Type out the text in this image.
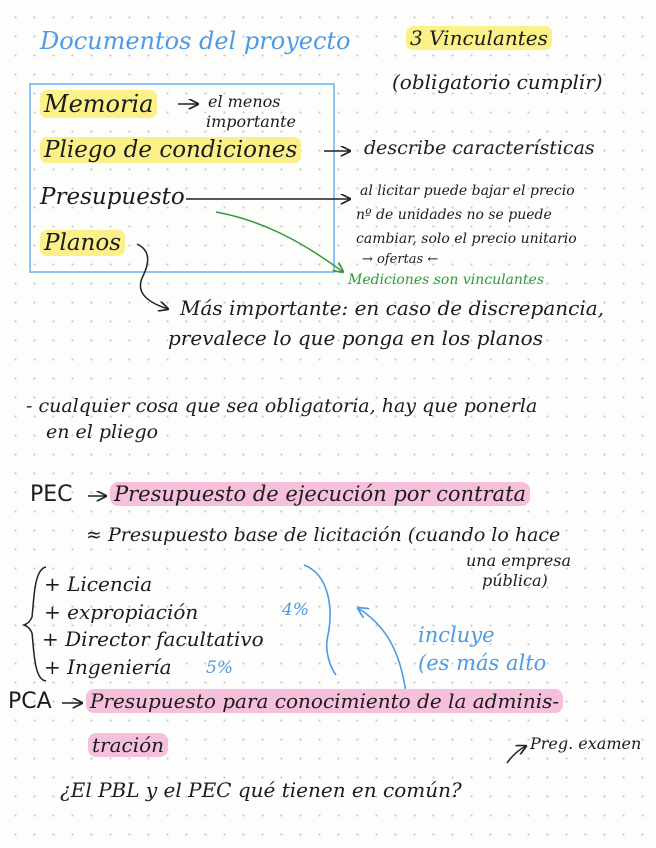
Documentos del proyecto	3 Vinculantes
(obligatorio cumplir)
Memoria	el menos
importante
Pliego de condiciones	describe características
Presupuesto	al licitar puede bajar el precio
nº de unidades no se puede
cambiar, solo el precio unitario
→ ofertas ←
Mediciones son vinculantes
Planos
Más importante: en caso de discrepancia,
prevalece lo que ponga en los planos
- cualquier cosa que sea obligatoria, hay que ponerla
en el pliego
PEC Presupuesto de ejecución por contrata
≈ Presupuesto base de licitación (cuando lo hace
una empresa
pública)
+ Licencia
+ expropiación
+ Director facultativo
+ Ingeniería
4%
5%
incluye
(es más alto
PCA Presupuesto para conocimiento de la adminis-
tración	Preg. examen
¿El PBL y el PEC qué tienen en común?
